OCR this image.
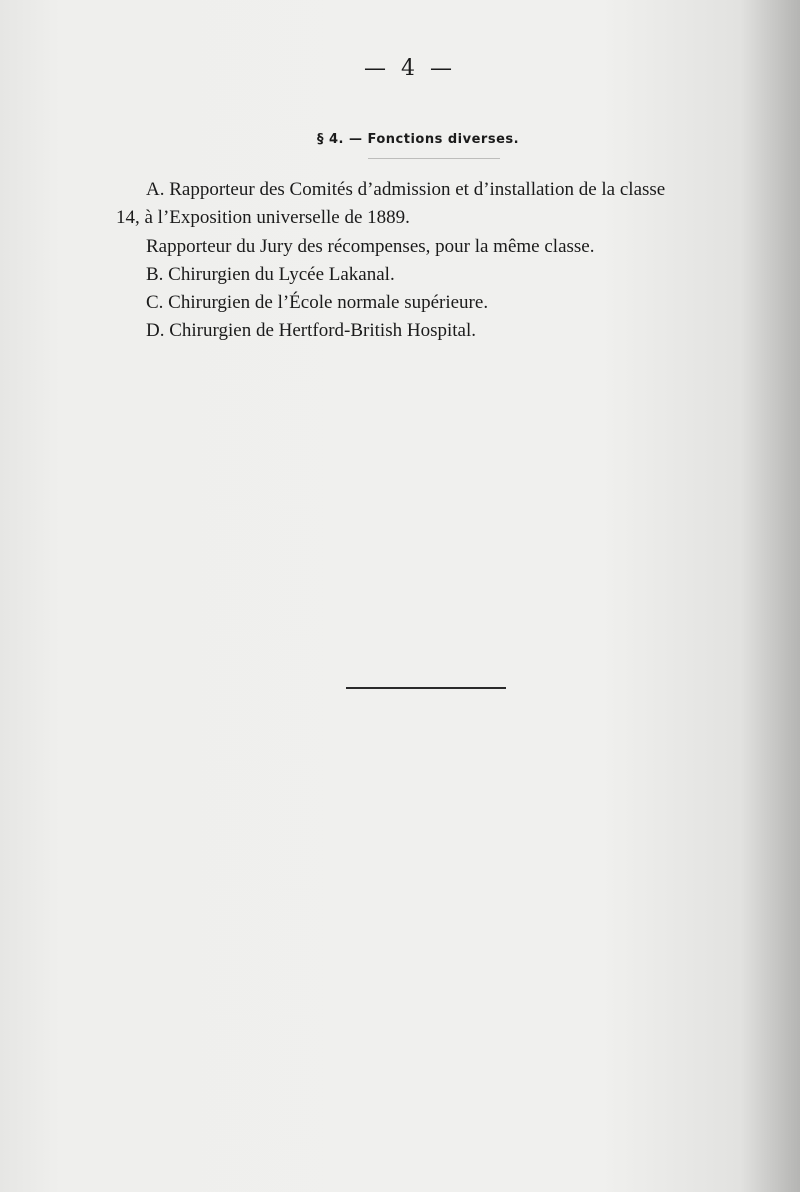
— 4 —
§ 4. — Fonctions diverses.
A. Rapporteur des Comités d’admission et d’installation de la classe
14, à l’Exposition universelle de 1889.
Rapporteur du Jury des récompenses, pour la même classe.
B. Chirurgien du Lycée Lakanal.
C. Chirurgien de l’École normale supérieure.
D. Chirurgien de Hertford-British Hospital.
